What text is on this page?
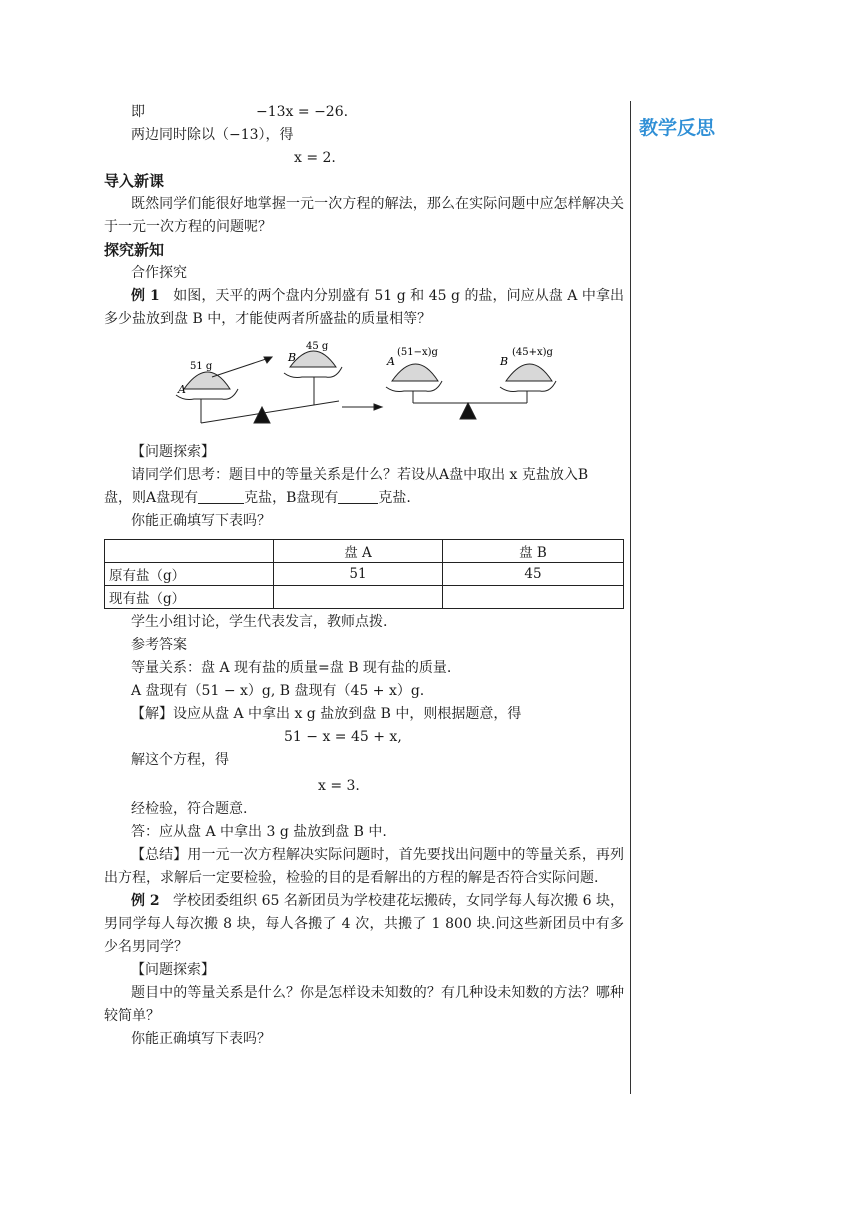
教学反思
即	−13x = −26.
两边同时除以（−13），得
x = 2.
导入新课
既然同学们能很好地掌握一元一次方程的解法，那么在实际问题中应怎样解决关于一元一次方程的问题呢？
探究新知
合作探究
例 1 如图，天平的两个盘内分别盛有 51 g 和 45 g 的盐，问应从盘 A 中拿出多少盐放到盘 B 中，才能使两者所盛盐的质量相等？
A
51 g
B
45 g
A
(51−x)g
B
(45+x)g
【问题探索】
请同学们思考：题目中的等量关系是什么？若设从A盘中取出 x 克盐放入B
盘，则A盘现有	克盐，B盘现有	克盐.
你能正确填写下表吗？
	盘 A	盘 B
原有盐（g）	51	45
现有盐（g）		
学生小组讨论，学生代表发言，教师点拨.
参考答案
等量关系：盘 A 现有盐的质量=盘 B 现有盐的质量.
A 盘现有（51 − x）g, B 盘现有（45 + x）g.
【解】设应从盘 A 中拿出 x g 盐放到盘 B 中，则根据题意，得
51 − x = 45 + x,
解这个方程，得
x = 3.
经检验，符合题意.
答：应从盘 A 中拿出 3 g 盐放到盘 B 中.
【总结】用一元一次方程解决实际问题时，首先要找出问题中的等量关系，再列出方程，求解后一定要检验，检验的目的是看解出的方程的解是否符合实际问题.
例 2 学校团委组织 65 名新团员为学校建花坛搬砖，女同学每人每次搬 6 块，男同学每人每次搬 8 块，每人各搬了 4 次，共搬了 1 800 块.问这些新团员中有多少名男同学？
【问题探索】
题目中的等量关系是什么？你是怎样设未知数的？有几种设未知数的方法？哪种较简单？
你能正确填写下表吗？
